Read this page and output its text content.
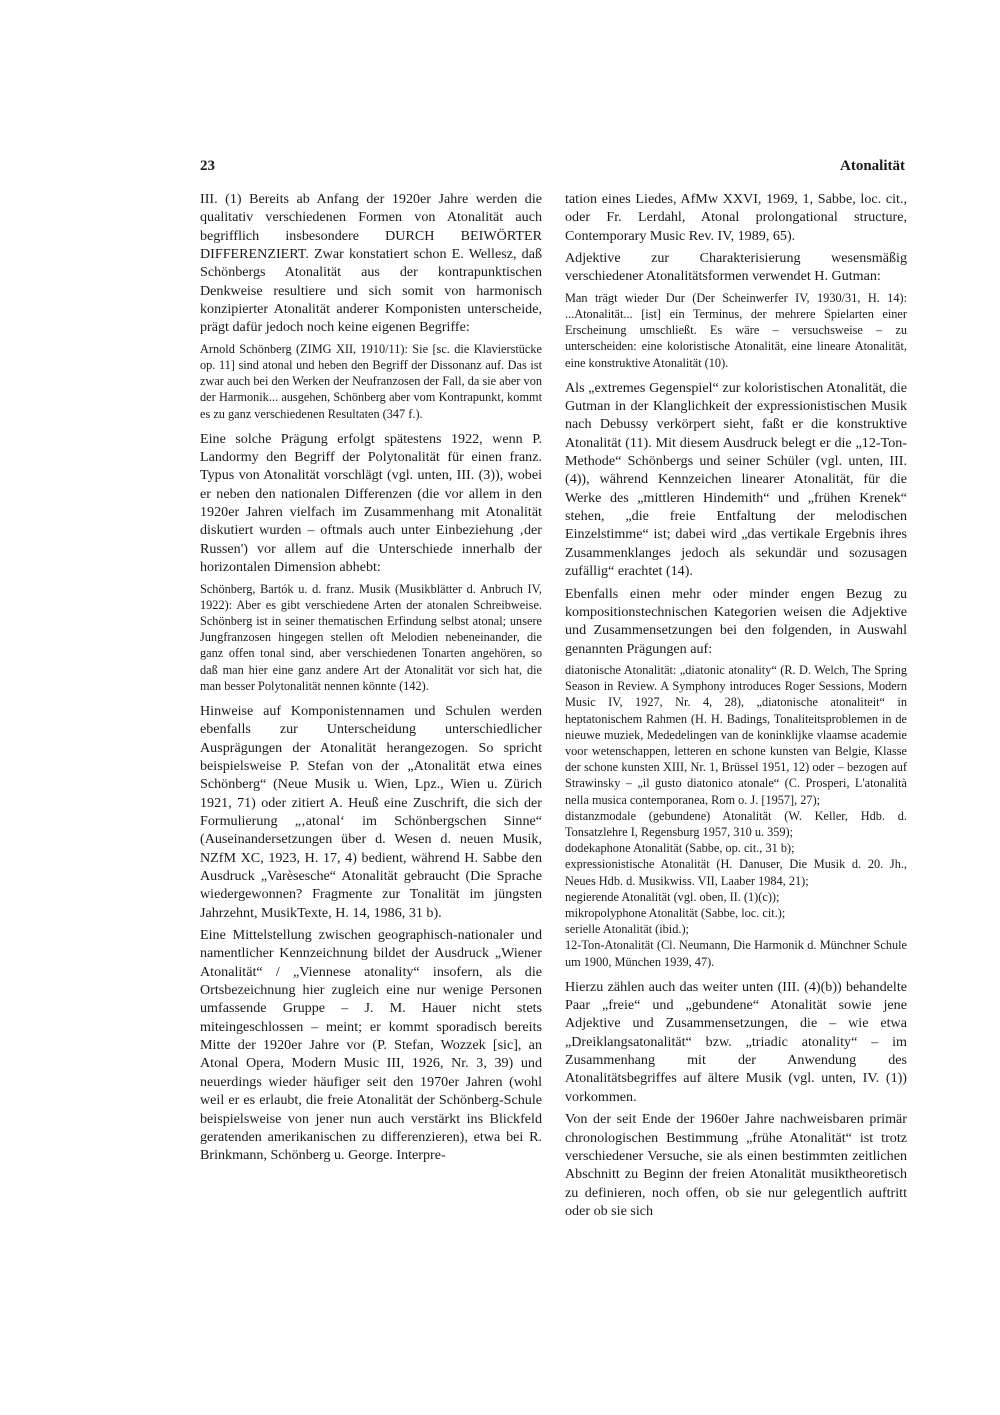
23	Atonalität

III. (1) Bereits ab Anfang der 1920er Jahre werden die qualitativ verschiedenen Formen von Atonalität auch begrifflich insbesondere DURCH BEIWÖRTER DIFFERENZIERT. Zwar konstatiert schon E. Wellesz, daß Schönbergs Atonalität aus der kontrapunktischen Denkweise resultiere und sich somit von harmonisch konzipierter Atonalität anderer Komponisten unterscheide, prägt dafür jedoch noch keine eigenen Begriffe:

Arnold Schönberg (ZIMG XII, 1910/11): Sie [sc. die Klavierstücke op. 11] sind atonal und heben den Begriff der Dissonanz auf. Das ist zwar auch bei den Werken der Neufranzosen der Fall, da sie aber von der Harmonik... ausgehen, Schönberg aber vom Kontrapunkt, kommt es zu ganz verschiedenen Resultaten (347 f.).

Eine solche Prägung erfolgt spätestens 1922, wenn P. Landormy den Begriff der Polytonalität für einen franz. Typus von Atonalität vorschlägt (vgl. unten, III. (3)), wobei er neben den nationalen Differenzen (die vor allem in den 1920er Jahren vielfach im Zusammenhang mit Atonalität diskutiert wurden – oftmals auch unter Einbeziehung ‚der Russen') vor allem auf die Unterschiede innerhalb der horizontalen Dimension abhebt:

Schönberg, Bartók u. d. franz. Musik (Musikblätter d. Anbruch IV, 1922): Aber es gibt verschiedene Arten der atonalen Schreibweise. Schönberg ist in seiner thematischen Erfindung selbst atonal; unsere Jungfranzosen hingegen stellen oft Melodien nebeneinander, die ganz offen tonal sind, aber verschiedenen Tonarten angehören, so daß man hier eine ganz andere Art der Atonalität vor sich hat, die man besser Polytonalität nennen könnte (142).

Hinweise auf Komponistennamen und Schulen werden ebenfalls zur Unterscheidung unterschiedlicher Ausprägungen der Atonalität herangezogen. So spricht beispielsweise P. Stefan von der „Atonalität etwa eines Schönberg“ (Neue Musik u. Wien, Lpz., Wien u. Zürich 1921, 71) oder zitiert A. Heuß eine Zuschrift, die sich der Formulierung „‚atonal‘ im Schönbergschen Sinne“ (Auseinandersetzungen über d. Wesen d. neuen Musik, NZfM XC, 1923, H. 17, 4) bedient, während H. Sabbe den Ausdruck „Varèsesche“ Atonalität gebraucht (Die Sprache wiedergewonnen? Fragmente zur Tonalität im jüngsten Jahrzehnt, MusikTexte, H. 14, 1986, 31 b).

Eine Mittelstellung zwischen geographisch-nationaler und namentlicher Kennzeichnung bildet der Ausdruck „Wiener Atonalität“ / „Viennese atonality“ insofern, als die Ortsbezeichnung hier zugleich eine nur wenige Personen umfassende Gruppe – J. M. Hauer nicht stets miteingeschlossen – meint; er kommt sporadisch bereits Mitte der 1920er Jahre vor (P. Stefan, Wozzek [sic], an Atonal Opera, Modern Music III, 1926, Nr. 3, 39) und neuerdings wieder häufiger seit den 1970er Jahren (wohl weil er es erlaubt, die freie Atonalität der Schönberg-Schule beispielsweise von jener nun auch verstärkt ins Blickfeld geratenden amerikanischen zu differenzieren), etwa bei R. Brinkmann, Schönberg u. George. Interpre-

tation eines Liedes, AfMw XXVI, 1969, 1, Sabbe, loc. cit., oder Fr. Lerdahl, Atonal prolongational structure, Contemporary Music Rev. IV, 1989, 65).

Adjektive zur Charakterisierung wesensmäßig verschiedener Atonalitätsformen verwendet H. Gutman:

Man trägt wieder Dur (Der Scheinwerfer IV, 1930/31, H. 14): ...Atonalität... [ist] ein Terminus, der mehrere Spielarten einer Erscheinung umschließt. Es wäre – versuchsweise – zu unterscheiden: eine koloristische Atonalität, eine lineare Atonalität, eine konstruktive Atonalität (10).

Als „extremes Gegenspiel“ zur koloristischen Atonalität, die Gutman in der Klanglichkeit der expressionistischen Musik nach Debussy verkörpert sieht, faßt er die konstruktive Atonalität (11). Mit diesem Ausdruck belegt er die „12-Ton-Methode“ Schönbergs und seiner Schüler (vgl. unten, III. (4)), während Kennzeichen linearer Atonalität, für die Werke des „mittleren Hindemith“ und „frühen Krenek“ stehen, „die freie Entfaltung der melodischen Einzelstimme“ ist; dabei wird „das vertikale Ergebnis ihres Zusammenklanges jedoch als sekundär und sozusagen zufällig“ erachtet (14).

Ebenfalls einen mehr oder minder engen Bezug zu kompositionstechnischen Kategorien weisen die Adjektive und Zusammensetzungen bei den folgenden, in Auswahl genannten Prägungen auf:

diatonische Atonalität: „diatonic atonality“ (R. D. Welch, The Spring Season in Review. A Symphony introduces Roger Sessions, Modern Music IV, 1927, Nr. 4, 28), „diatonische atonaliteit“ in heptatonischem Rahmen (H. H. Badings, Tonaliteitsproblemen in de nieuwe muziek, Mededelingen van de koninklijke vlaamse academie voor wetenschappen, letteren en schone kunsten van Belgie, Klasse der schone kunsten XIII, Nr. 1, Brüssel 1951, 12) oder – bezogen auf Strawinsky – „il gusto diatonico atonale“ (C. Prosperi, L'atonalità nella musica contemporanea, Rom o. J. [1957], 27);
distanzmodale (gebundene) Atonalität (W. Keller, Hdb. d. Tonsatzlehre I, Regensburg 1957, 310 u. 359);
dodekaphone Atonalität (Sabbe, op. cit., 31 b);
expressionistische Atonalität (H. Danuser, Die Musik d. 20. Jh., Neues Hdb. d. Musikwiss. VII, Laaber 1984, 21);
negierende Atonalität (vgl. oben, II. (1)(c));
mikropolyphone Atonalität (Sabbe, loc. cit.);
serielle Atonalität (ibid.);
12-Ton-Atonalität (Cl. Neumann, Die Harmonik d. Münchner Schule um 1900, München 1939, 47).

Hierzu zählen auch das weiter unten (III. (4)(b)) behandelte Paar „freie“ und „gebundene“ Atonalität sowie jene Adjektive und Zusammensetzungen, die – wie etwa „Dreiklangsatonalität“ bzw. „triadic atonality“ – im Zusammenhang mit der Anwendung des Atonalitätsbegriffes auf ältere Musik (vgl. unten, IV. (1)) vorkommen.

Von der seit Ende der 1960er Jahre nachweisbaren primär chronologischen Bestimmung „frühe Atonalität“ ist trotz verschiedener Versuche, sie als einen bestimmten zeitlichen Abschnitt zu Beginn der freien Atonalität musiktheoretisch zu definieren, noch offen, ob sie nur gelegentlich auftritt oder ob sie sich
